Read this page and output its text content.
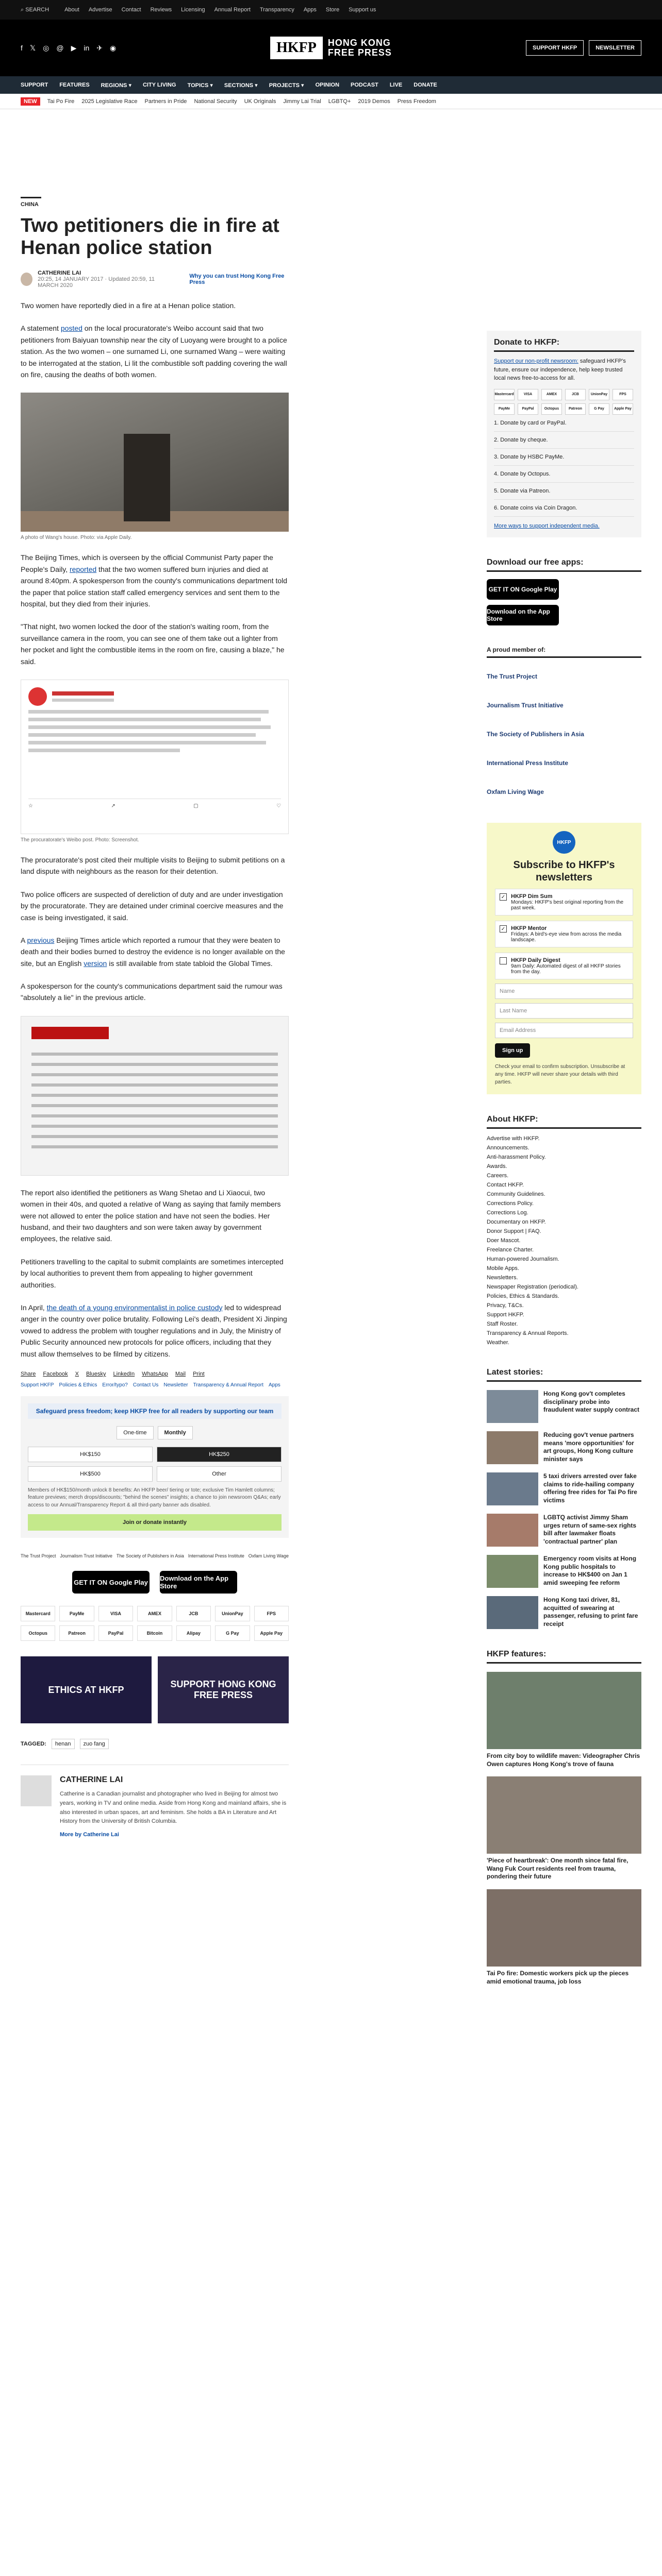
⌕ SEARCH	About Advertise Contact Reviews Licensing Annual Report Transparency Apps Store Support us
f 𝕏 ◎ @ ▶ in ✈ ◉	HKFP	HONG KONG
FREE PRESS	SUPPORT HKFP	NEWSLETTER
SUPPORT FEATURES REGIONS ▾ CITY LIVING TOPICS ▾ SECTIONS ▾ PROJECTS ▾ OPINION PODCAST LIVE DONATE
NEW	Tai Po Fire 2025 Legislative Race Partners in Pride National Security UK Originals Jimmy Lai Trial LGBTQ+ 2019 Demos Press Freedom
CHINA
Two petitioners die in fire at Henan police station
CATHERINE LAI
20:25, 14 JANUARY 2017 · Updated 20:59, 11 MARCH 2020
Why you can trust Hong Kong Free Press

Two women have reportedly died in a fire at a Henan police station.

A statement posted on the local procuratorate's Weibo account said that two petitioners from Baiyuan township near the city of Luoyang were brought to a police station. As the two women – one surnamed Li, one surnamed Wang – were waiting to be interrogated at the station, Li lit the combustible soft padding covering the wall on fire, causing the deaths of both women.

A photo of Wang's house. Photo: via Apple Daily.

The Beijing Times, which is overseen by the official Communist Party paper the People's Daily, reported that the two women suffered burn injuries and died at around 8:40pm. A spokesperson from the county's communications department told the paper that police station staff called emergency services and sent them to the hospital, but they died from their injuries.

"That night, two women locked the door of the station's waiting room, from the surveillance camera in the room, you can see one of them take out a lighter from her pocket and light the combustible items in the room on fire, causing a blaze," he said.

☆	↗	▢	♡
The procuratorate's Weibo post. Photo: Screenshot.

The procuratorate's post cited their multiple visits to Beijing to submit petitions on a land dispute with neighbours as the reason for their detention.

Two police officers are suspected of dereliction of duty and are under investigation by the procuratorate. They are detained under criminal coercive measures and the case is being investigated, it said.

A previous Beijing Times article which reported a rumour that they were beaten to death and their bodies burned to destroy the evidence is no longer available on the site, but an English version is still available from state tabloid the Global Times.

A spokesperson for the county's communications department said the rumour was "absolutely a lie" in the previous article.

The report also identified the petitioners as Wang Shetao and Li Xiaocui, two women in their 40s, and quoted a relative of Wang as saying that family members were not allowed to enter the police station and have not seen the bodies. Her husband, and their two daughters and son were taken away by government employees, the relative said.

Petitioners travelling to the capital to submit complaints are sometimes intercepted by local authorities to prevent them from appealing to higher government authorities.

In April, the death of a young environmentalist in police custody led to widespread anger in the country over police brutality. Following Lei's death, President Xi Jinping vowed to address the problem with tougher regulations and in July, the Ministry of Public Security announced new protocols for police officers, including that they must allow themselves to be filmed by citizens.

Share Facebook X Bluesky LinkedIn WhatsApp Mail Print
Support HKFP Policies & Ethics Error/typo? Contact Us Newsletter Transparency & Annual Report Apps
Safeguard press freedom; keep HKFP free for all readers by supporting our team
One-time	Monthly
HK$150	HK$250
HK$500	Other
Members of HK$150/month unlock 8 benefits: An HKFP beer/ tiering or tote; exclusive Tim Hamlett columns; feature previews; merch drops/discounts; "behind the scenes" insights; a chance to join newsroom Q&As; early access to our Annual/Transparency Report & all third-party banner ads disabled.
Join or donate instantly
The Trust Project Journalism Trust Initiative The Society of Publishers in Asia International Press Institute Oxfam Living Wage
GET IT ON Google Play Download on the App Store
Mastercard	PayMe	VISA	AMEX	JCB	UnionPay	FPS
Octopus	Patreon	PayPal	Bitcoin	Alipay	G Pay	Apple Pay
ETHICS AT HKFP
SUPPORT HONG KONG FREE PRESS
TAGGED:	henan	zuo fang
CATHERINE LAI

Catherine is a Canadian journalist and photographer who lived in Beijing for almost two years, working in TV and online media. Aside from Hong Kong and mainland affairs, she is also interested in urban spaces, art and feminism. She holds a BA in Literature and Art History from the University of British Columbia.

More by Catherine Lai
Donate to HKFP:

Support our non-profit newsroom: safeguard HKFP's future, ensure our independence, help keep trusted local news free-to-access for all.

Mastercard	VISA	AMEX	JCB	UnionPay	FPS
PayMe	PayPal	Octopus	Patreon	G Pay	Apple Pay
1. Donate by card or PayPal.
2. Donate by cheque.
3. Donate by HSBC PayMe.
4. Donate by Octopus.
5. Donate via Patreon.
6. Donate coins via Coin Dragon.

More ways to support independent media.

Download our free apps:
GET IT ON Google Play
Download on the App Store
A proud member of:
The Trust Project
Journalism Trust Initiative
The Society of Publishers in Asia
International Press Institute
Oxfam Living Wage
HKFP
Subscribe to HKFP's newsletters
✓ HKFP Dim Sum
Mondays: HKFP's best original reporting from the past week.
✓ HKFP Mentor
Fridays: A bird's-eye view from across the media landscape.
HKFP Daily Digest
9am Daily: Automated digest of all HKFP stories from the day.
Name
Last Name
Email Address
Sign up
Check your email to confirm subscription. Unsubscribe at any time. HKFP will never share your details with third parties.
About HKFP:
Advertise with HKFP.
Announcements.
Anti-harassment Policy.
Awards.
Careers.
Contact HKFP.
Community Guidelines.
Corrections Policy.
Corrections Log.
Documentary on HKFP.
Donor Support | FAQ.
Doer Mascot.
Freelance Charter.
Human-powered Journalism.
Mobile Apps.
Newsletters.
Newspaper Registration (periodical).
Policies, Ethics & Standards.
Privacy, T&Cs.
Support HKFP.
Staff Roster.
Transparency & Annual Reports.
Weather.
Latest stories:
Hong Kong gov't completes disciplinary probe into fraudulent water supply contract
Reducing gov't venue partners means 'more opportunities' for art groups, Hong Kong culture minister says
5 taxi drivers arrested over fake claims to ride-hailing company offering free rides for Tai Po fire victims
LGBTQ activist Jimmy Sham urges return of same-sex rights bill after lawmaker floats 'contractual partner' plan
Emergency room visits at Hong Kong public hospitals to increase to HK$400 on Jan 1 amid sweeping fee reform
Hong Kong taxi driver, 81, acquitted of swearing at passenger, refusing to print fare receipt
HKFP features:
From city boy to wildlife maven: Videographer Chris Owen captures Hong Kong's trove of fauna
'Piece of heartbreak': One month since fatal fire, Wang Fuk Court residents reel from trauma, pondering their future
Tai Po fire: Domestic workers pick up the pieces amid emotional trauma, job loss
